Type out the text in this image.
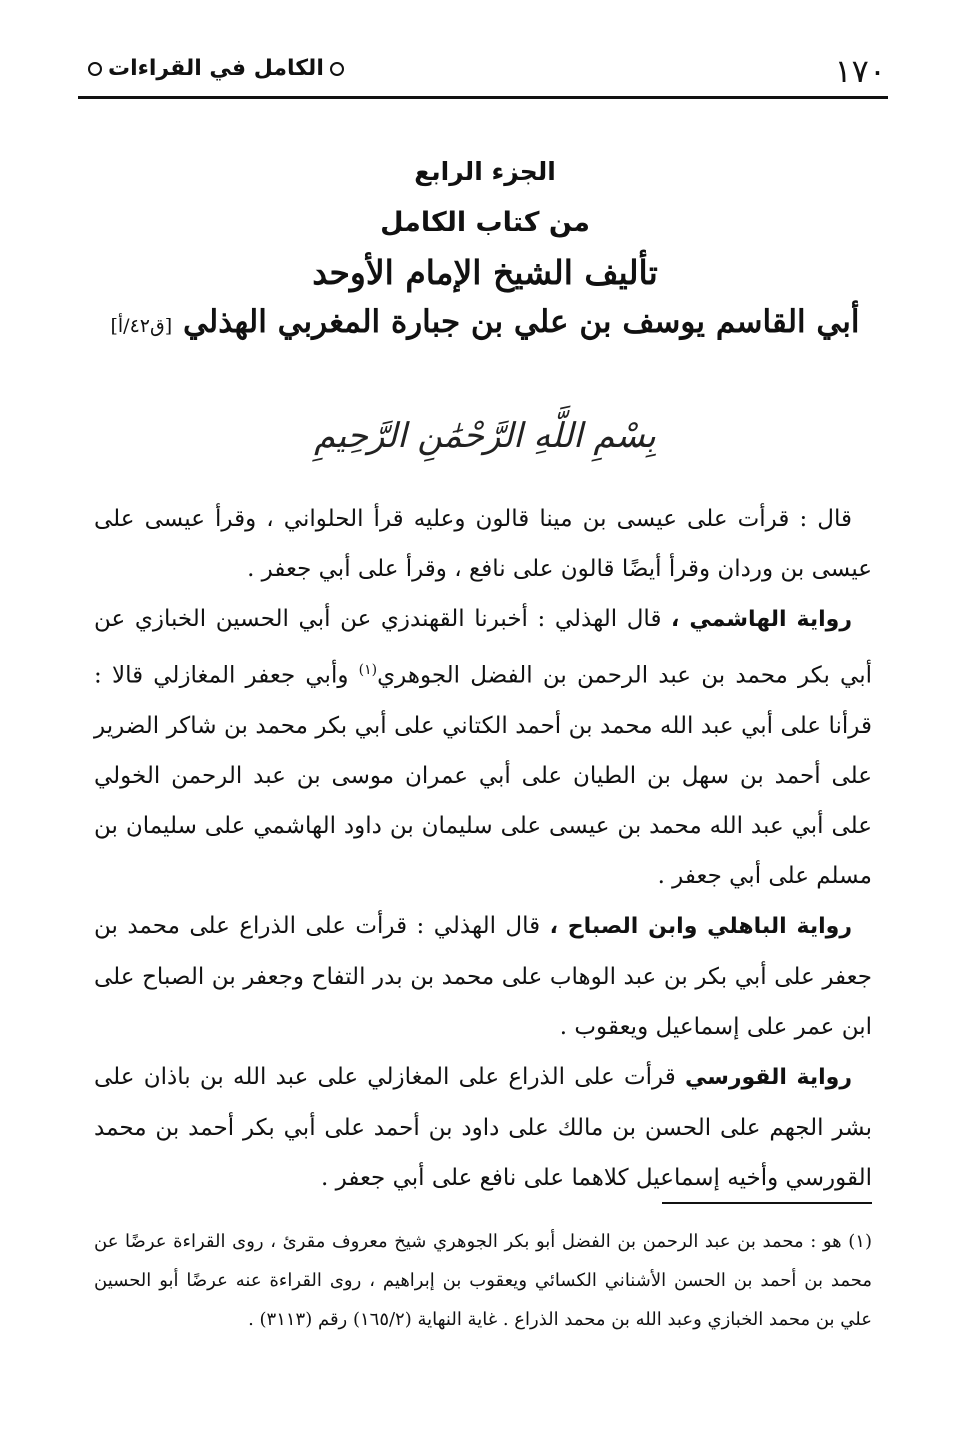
١٧٠
الكامل في القراءات
الجزء الرابع
من كتاب الكامل
تأليف الشيخ الإمام الأوحد
أبي القاسم يوسف بن علي بن جبارة المغربي الهذلي [ق٤٢/أ]
بِسْمِ اللَّهِ الرَّحْمَٰنِ الرَّحِيمِ

قال : قرأت على عيسى بن مينا قالون وعليه قرأ الحلواني ، وقرأ عيسى على عيسى بن وردان وقرأ أيضًا قالون على نافع ، وقرأ على أبي جعفر .

رواية الهاشمي ، قال الهذلي : أخبرنا القهندزي عن أبي الحسين الخبازي عن أبي بكر محمد بن عبد الرحمن بن الفضل الجوهري$^{(١)}$ وأبي جعفر المغازلي قالا : قرأنا على أبي عبد الله محمد بن أحمد الكتاني على أبي بكر محمد بن شاكر الضرير على أحمد بن سهل بن الطيان على أبي عمران موسى بن عبد الرحمن الخولي على أبي عبد الله محمد بن عيسى على سليمان بن داود الهاشمي على سليمان بن مسلم على أبي جعفر .

رواية الباهلي وابن الصباح ، قال الهذلي : قرأت على الذراع على محمد بن جعفر على أبي بكر بن عبد الوهاب على محمد بن بدر التفاح وجعفر بن الصباح على ابن عمر على إسماعيل ويعقوب .

رواية القورسي قرأت على الذراع على المغازلي على عبد الله بن باذان على بشر الجهم على الحسن بن مالك على داود بن أحمد على أبي بكر أحمد بن محمد القورسي وأخيه إسماعيل كلاهما على نافع على أبي جعفر .

(١) هو : محمد بن عبد الرحمن بن الفضل أبو بكر الجوهري شيخ معروف مقرئ ، روى القراءة عرضًا عن محمد بن أحمد بن الحسن الأشناني الكسائي ويعقوب بن إبراهيم ، روى القراءة عنه عرضًا أبو الحسين علي بن محمد الخبازي وعبد الله بن محمد الذراع . غاية النهاية (١٦٥/٢) رقم (٣١١٣) .
